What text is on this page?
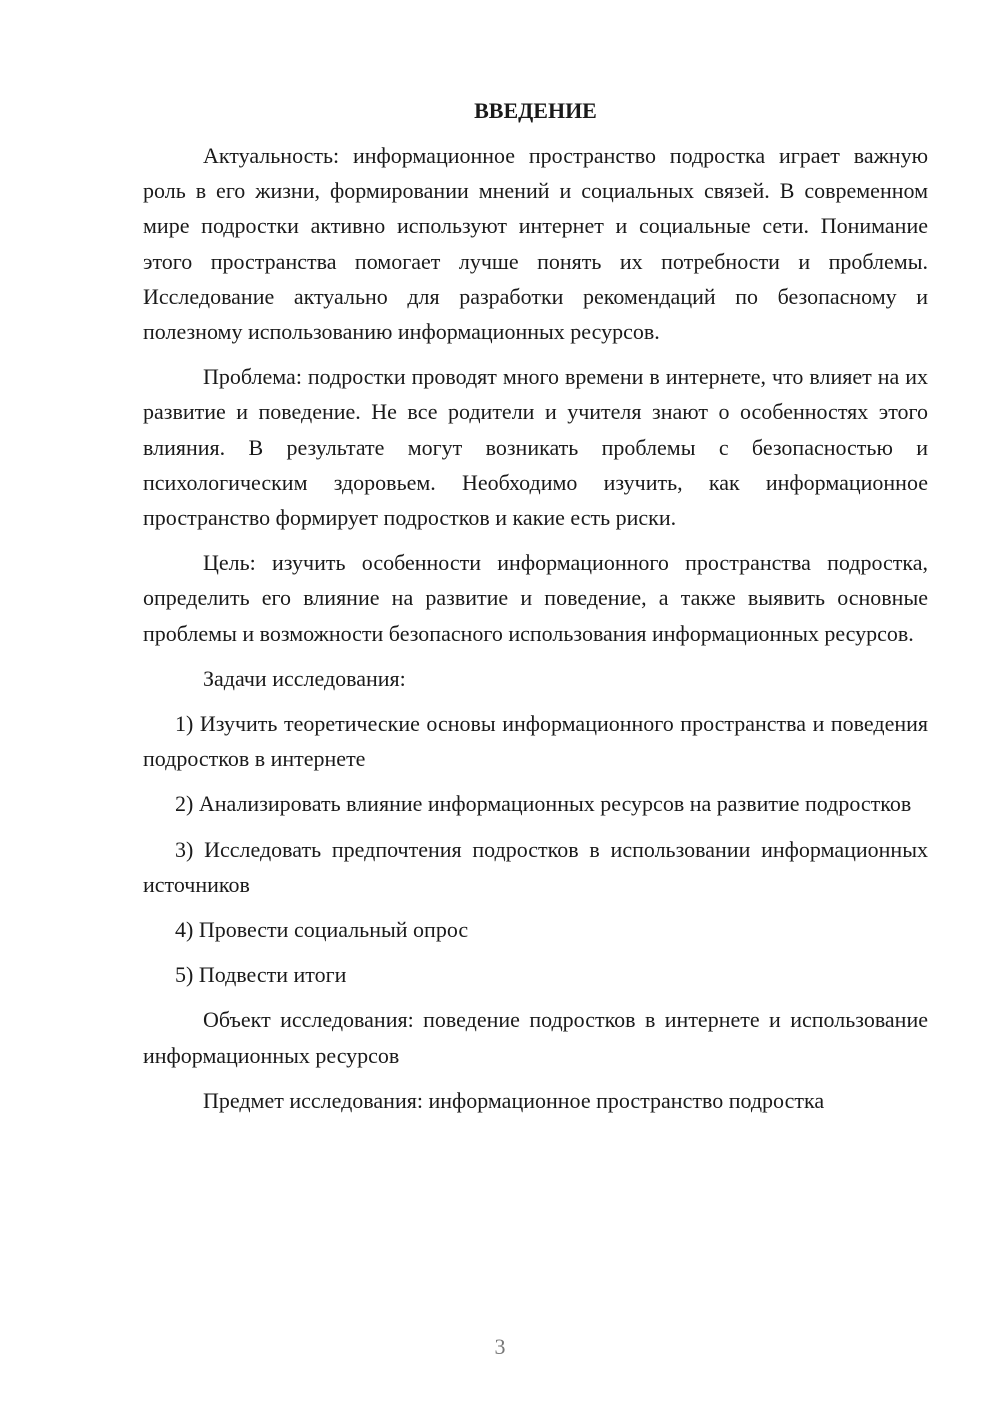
ВВЕДЕНИЕ

Актуальность: информационное пространство подростка играет важную роль в его жизни, формировании мнений и социальных связей. В современном мире подростки активно используют интернет и социальные сети. Понимание этого пространства помогает лучше понять их потребности и проблемы. Исследование актуально для разработки рекомендаций по безопасному и полезному использованию информационных ресурсов.

Проблема: подростки проводят много времени в интернете, что влияет на их развитие и поведение. Не все родители и учителя знают о особенностях этого влияния. В результате могут возникать проблемы с безопасностью и психологическим здоровьем. Необходимо изучить, как информационное пространство формирует подростков и какие есть риски.

Цель: изучить особенности информационного пространства подростка, определить его влияние на развитие и поведение, а также выявить основные проблемы и возможности безопасного использования информационных ресурсов.

Задачи исследования:

1) Изучить теоретические основы информационного пространства и поведения подростков в интернете

2) Анализировать влияние информационных ресурсов на развитие подростков

3) Исследовать предпочтения подростков в использовании информационных источников

4) Провести социальный опрос

5) Подвести итоги

Объект исследования: поведение подростков в интернете и использование информационных ресурсов

Предмет исследования: информационное пространство подростка

3
